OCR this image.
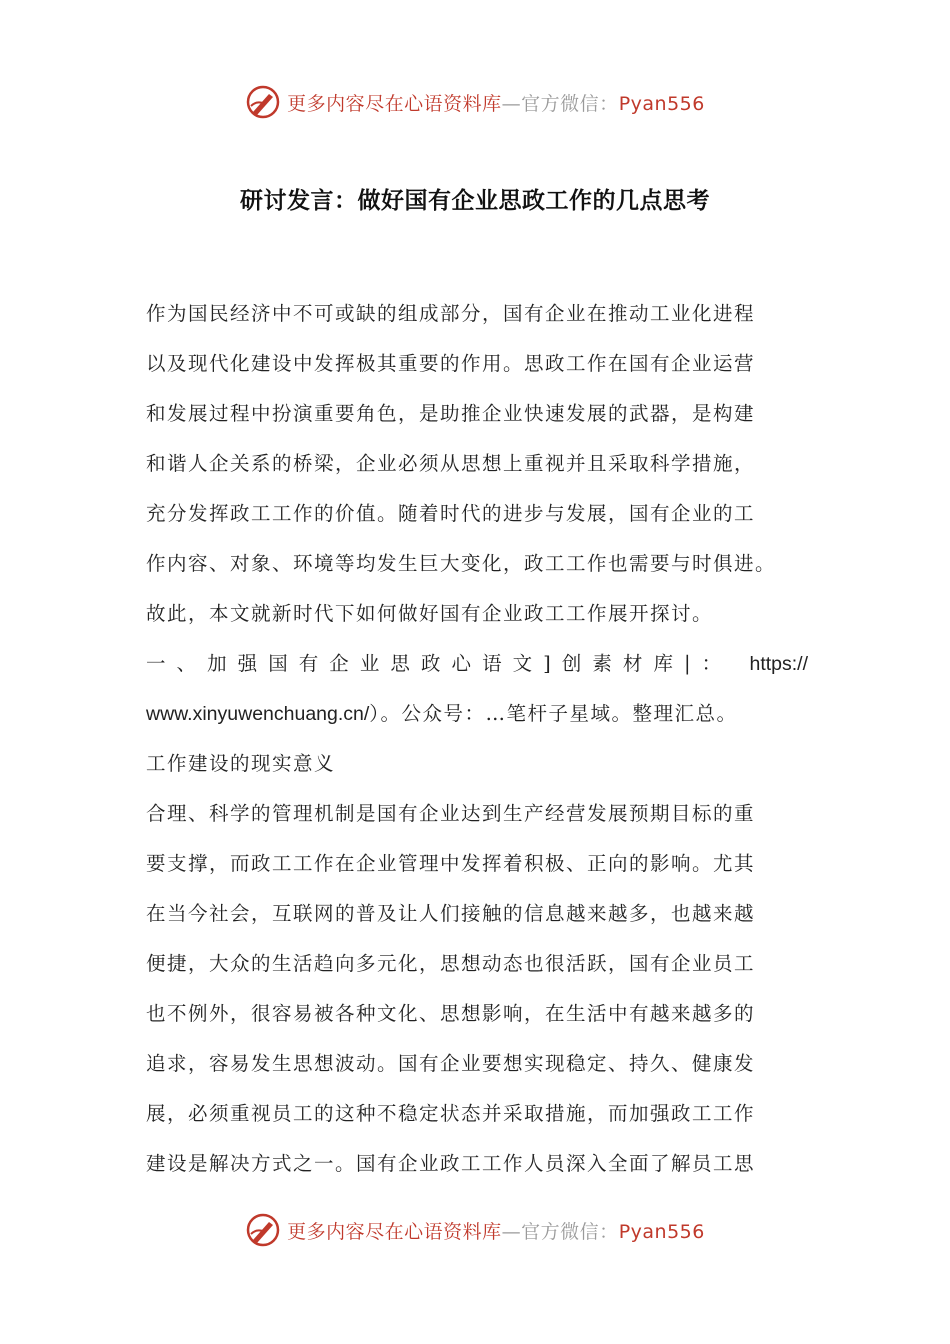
更多内容尽在心语资料库—官方微信：Pyan556
研讨发言：做好国有企业思政工作的几点思考
作为国民经济中不可或缺的组成部分，国有企业在推动工业化进程
以及现代化建设中发挥极其重要的作用。思政工作在国有企业运营
和发展过程中扮演重要角色，是助推企业快速发展的武器，是构建
和谐人企关系的桥梁，企业必须从思想上重视并且采取科学措施，
充分发挥政工工作的价值。随着时代的进步与发展，国有企业的工
作内容、对象、环境等均发生巨大变化，政工工作也需要与时俱进。
故此，本文就新时代下如何做好国有企业政工工作展开探讨。
一、加强国有企业思政心语文]创素材库|： https://
www.xinyuwenchuang.cn/）。公众号：…笔杆子星域。整理汇总。
工作建设的现实意义
合理、科学的管理机制是国有企业达到生产经营发展预期目标的重
要支撑，而政工工作在企业管理中发挥着积极、正向的影响。尤其
在当今社会，互联网的普及让人们接触的信息越来越多，也越来越
便捷，大众的生活趋向多元化，思想动态也很活跃，国有企业员工
也不例外，很容易被各种文化、思想影响，在生活中有越来越多的
追求，容易发生思想波动。国有企业要想实现稳定、持久、健康发
展，必须重视员工的这种不稳定状态并采取措施，而加强政工工作
建设是解决方式之一。国有企业政工工作人员深入全面了解员工思
更多内容尽在心语资料库—官方微信：Pyan556
